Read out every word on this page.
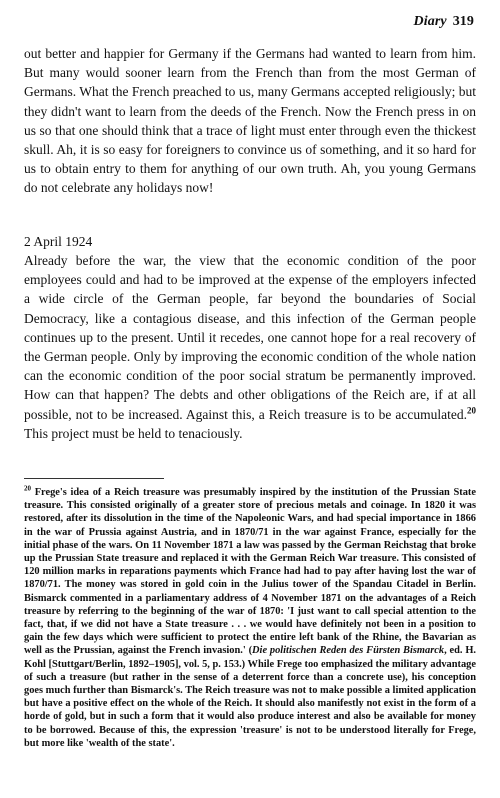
Diary 319

out better and happier for Germany if the Germans had wanted to learn from him. But many would sooner learn from the French than from the most German of Germans. What the French preached to us, many Germans accepted religiously; but they didn't want to learn from the deeds of the French. Now the French press in on us so that one should think that a trace of light must enter through even the thickest skull. Ah, it is so easy for foreigners to convince us of something, and it so hard for us to obtain entry to them for anything of our own truth. Ah, you young Germans do not celebrate any holidays now!

2 April 1924

Already before the war, the view that the economic condition of the poor employees could and had to be improved at the expense of the employers infected a wide circle of the German people, far beyond the boundaries of Social Democracy, like a contagious disease, and this infection of the German people continues up to the present. Until it recedes, one cannot hope for a real recovery of the German people. Only by improving the economic condition of the whole nation can the economic condition of the poor social stratum be permanently improved. How can that happen? The debts and other obligations of the Reich are, if at all possible, not to be increased. Against this, a Reich treasure is to be accumulated.$^{20}$ This project must be held to tenaciously.

$^{20}$ Frege's idea of a Reich treasure was presumably inspired by the institution of the Prussian State treasure. This consisted originally of a greater store of precious metals and coinage. In 1820 it was restored, after its dissolution in the time of the Napoleonic Wars, and had special importance in 1866 in the war of Prussia against Austria, and in 1870/71 in the war against France, especially for the initial phase of the wars. On 11 November 1871 a law was passed by the German Reichstag that broke up the Prussian State treasure and replaced it with the German Reich War treasure. This consisted of 120 million marks in reparations payments which France had had to pay after having lost the war of 1870/71. The money was stored in gold coin in the Julius tower of the Spandau Citadel in Berlin. Bismarck commented in a parliamentary address of 4 November 1871 on the advantages of a Reich treasure by referring to the beginning of the war of 1870: 'I just want to call special attention to the fact, that, if we did not have a State treasure . . . we would have definitely not been in a position to gain the few days which were sufficient to protect the entire left bank of the Rhine, the Bavarian as well as the Prussian, against the French invasion.' (Die politischen Reden des Fürsten Bismarck, ed. H. Kohl [Stuttgart/Berlin, 1892–1905], vol. 5, p. 153.) While Frege too emphasized the military advantage of such a treasure (but rather in the sense of a deterrent force than a concrete use), his conception goes much further than Bismarck's. The Reich treasure was not to make possible a limited application but have a positive effect on the whole of the Reich. It should also manifestly not exist in the form of a horde of gold, but in such a form that it would also produce interest and also be available for money to be borrowed. Because of this, the expression 'treasure' is not to be understood literally for Frege, but more like 'wealth of the state'.
